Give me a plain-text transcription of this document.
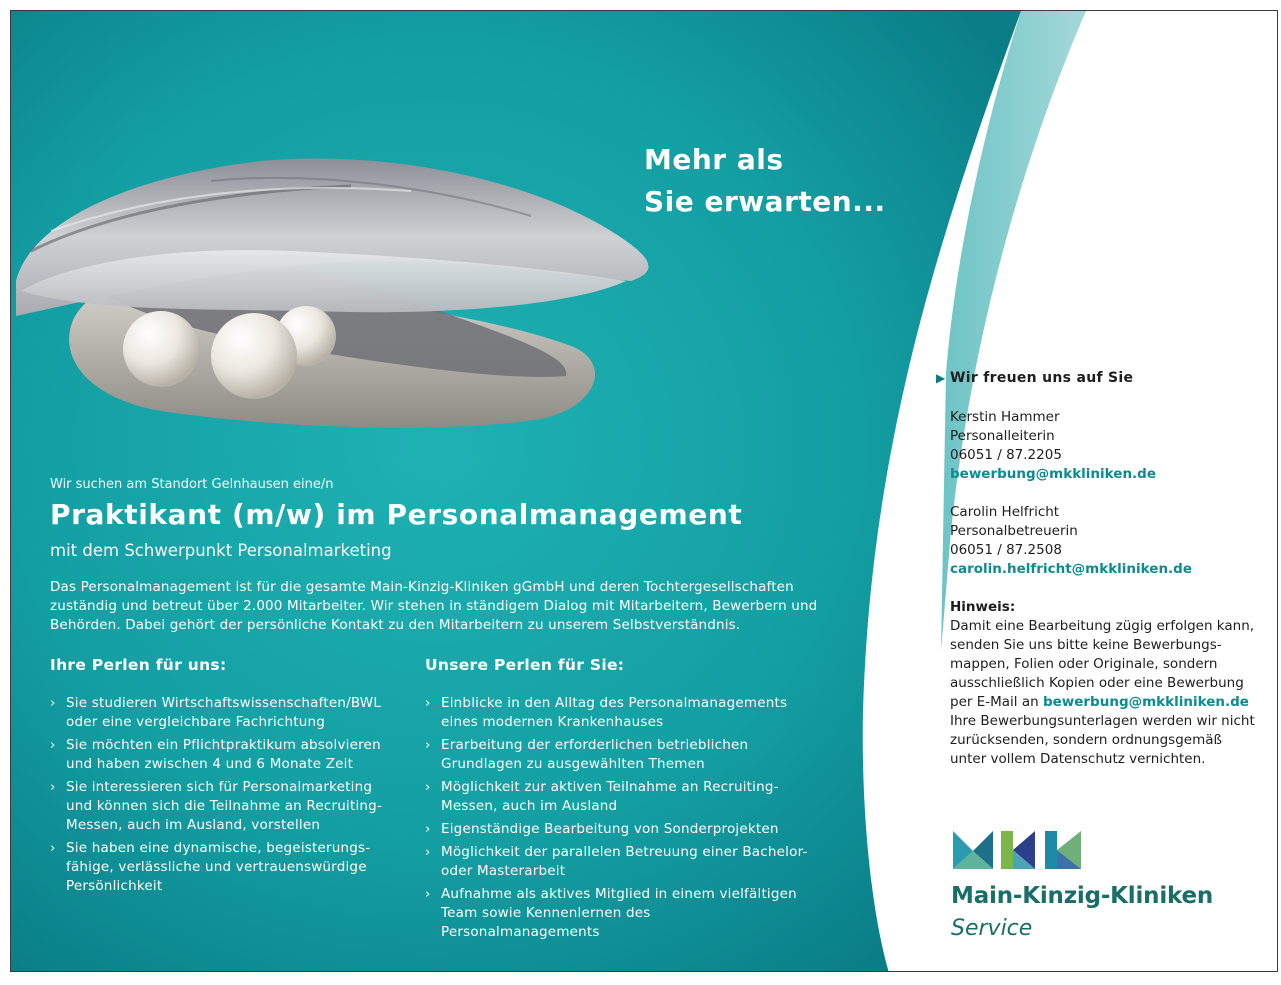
Mehr als
Sie erwarten...

Wir suchen am Standort Gelnhausen eine/n

Praktikant (m/w) im Personalmanagement

mit dem Schwerpunkt Personalmarketing

Das Personalmanagement ist für die gesamte Main-Kinzig-Kliniken gGmbH und deren Tochtergesellschaften zuständig und betreut über 2.000 Mitarbeiter. Wir stehen in ständigem Dialog mit Mitarbeitern, Bewerbern und Behörden. Dabei gehört der persönliche Kontakt zu den Mitarbeitern zu unserem Selbstverständnis.

Ihre Perlen für uns:
› Sie studieren Wirtschaftswissenschaften/BWL
oder eine vergleichbare Fachrichtung
› Sie möchten ein Pflichtpraktikum absolvieren
und haben zwischen 4 und 6 Monate Zeit
› Sie interessieren sich für Personalmarketing
und können sich die Teilnahme an Recruiting-
Messen, auch im Ausland, vorstellen
› Sie haben eine dynamische, begeisterungs-
fähige, verlässliche und vertrauenswürdige
Persönlichkeit
Unsere Perlen für Sie:
› Einblicke in den Alltag des Personalmanagements
eines modernen Krankenhauses
› Erarbeitung der erforderlichen betrieblichen
Grundlagen zu ausgewählten Themen
› Möglichkeit zur aktiven Teilnahme an Recruiting-
Messen, auch im Ausland
› Eigenständige Bearbeitung von Sonderprojekten
› Möglichkeit der parallelen Betreuung einer Bachelor-
oder Masterarbeit
› Aufnahme als aktives Mitglied in einem vielfältigen
Team sowie Kennenlernen des
Personalmanagements
▶ Wir freuen uns auf Sie
Kerstin Hammer
Personalleiterin
06051 / 87.2205
bewerbung@mkkliniken.de
Carolin Helfricht
Personalbetreuerin
06051 / 87.2508
carolin.helfricht@mkkliniken.de
Hinweis:
Damit eine Bearbeitung zügig erfolgen kann,
senden Sie uns bitte keine Bewerbungs-
mappen, Folien oder Originale, sondern
ausschließlich Kopien oder eine Bewerbung
per E-Mail an bewerbung@mkkliniken.de
Ihre Bewerbungsunterlagen werden wir nicht
zurücksenden, sondern ordnungsgemäß
unter vollem Datenschutz vernichten.
Main-Kinzig-Kliniken
Service
